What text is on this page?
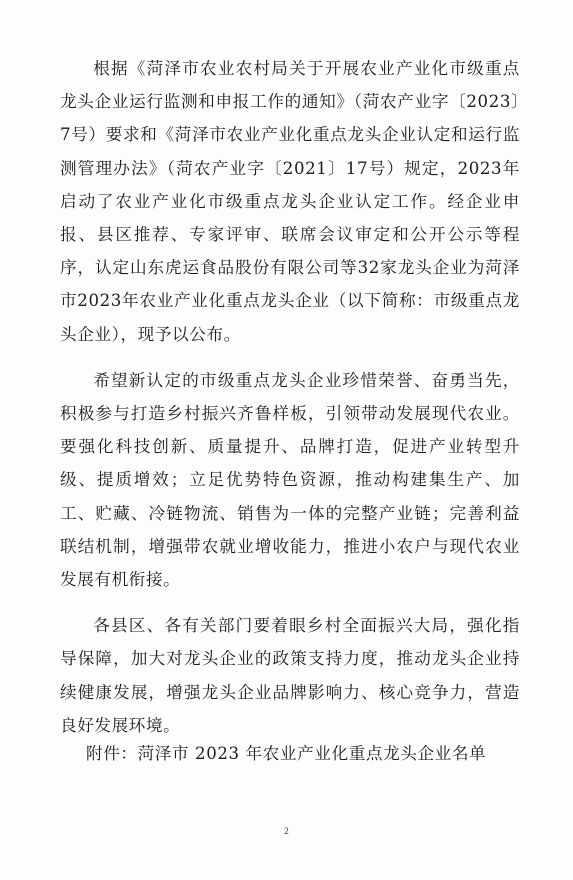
根据《菏泽市农业农村局关于开展农业产业化市级重点龙头企业运行监测和申报工作的通知》（菏农产业字〔2023〕7号）要求和《菏泽市农业产业化重点龙头企业认定和运行监测管理办法》（菏农产业字〔2021〕17号）规定，2023年启动了农业产业化市级重点龙头企业认定工作。经企业申报、县区推荐、专家评审、联席会议审定和公开公示等程序，认定山东虎运食品股份有限公司等32家龙头企业为菏泽市2023年农业产业化重点龙头企业（以下简称：市级重点龙头企业），现予以公布。

希望新认定的市级重点龙头企业珍惜荣誉、奋勇当先，积极参与打造乡村振兴齐鲁样板，引领带动发展现代农业。要强化科技创新、质量提升、品牌打造，促进产业转型升级、提质增效；立足优势特色资源，推动构建集生产、加工、贮藏、冷链物流、销售为一体的完整产业链；完善利益联结机制，增强带农就业增收能力，推进小农户与现代农业发展有机衔接。

各县区、各有关部门要着眼乡村全面振兴大局，强化指导保障，加大对龙头企业的政策支持力度，推动龙头企业持续健康发展，增强龙头企业品牌影响力、核心竞争力，营造良好发展环境。

附件：菏泽市 2023 年农业产业化重点龙头企业名单
2
